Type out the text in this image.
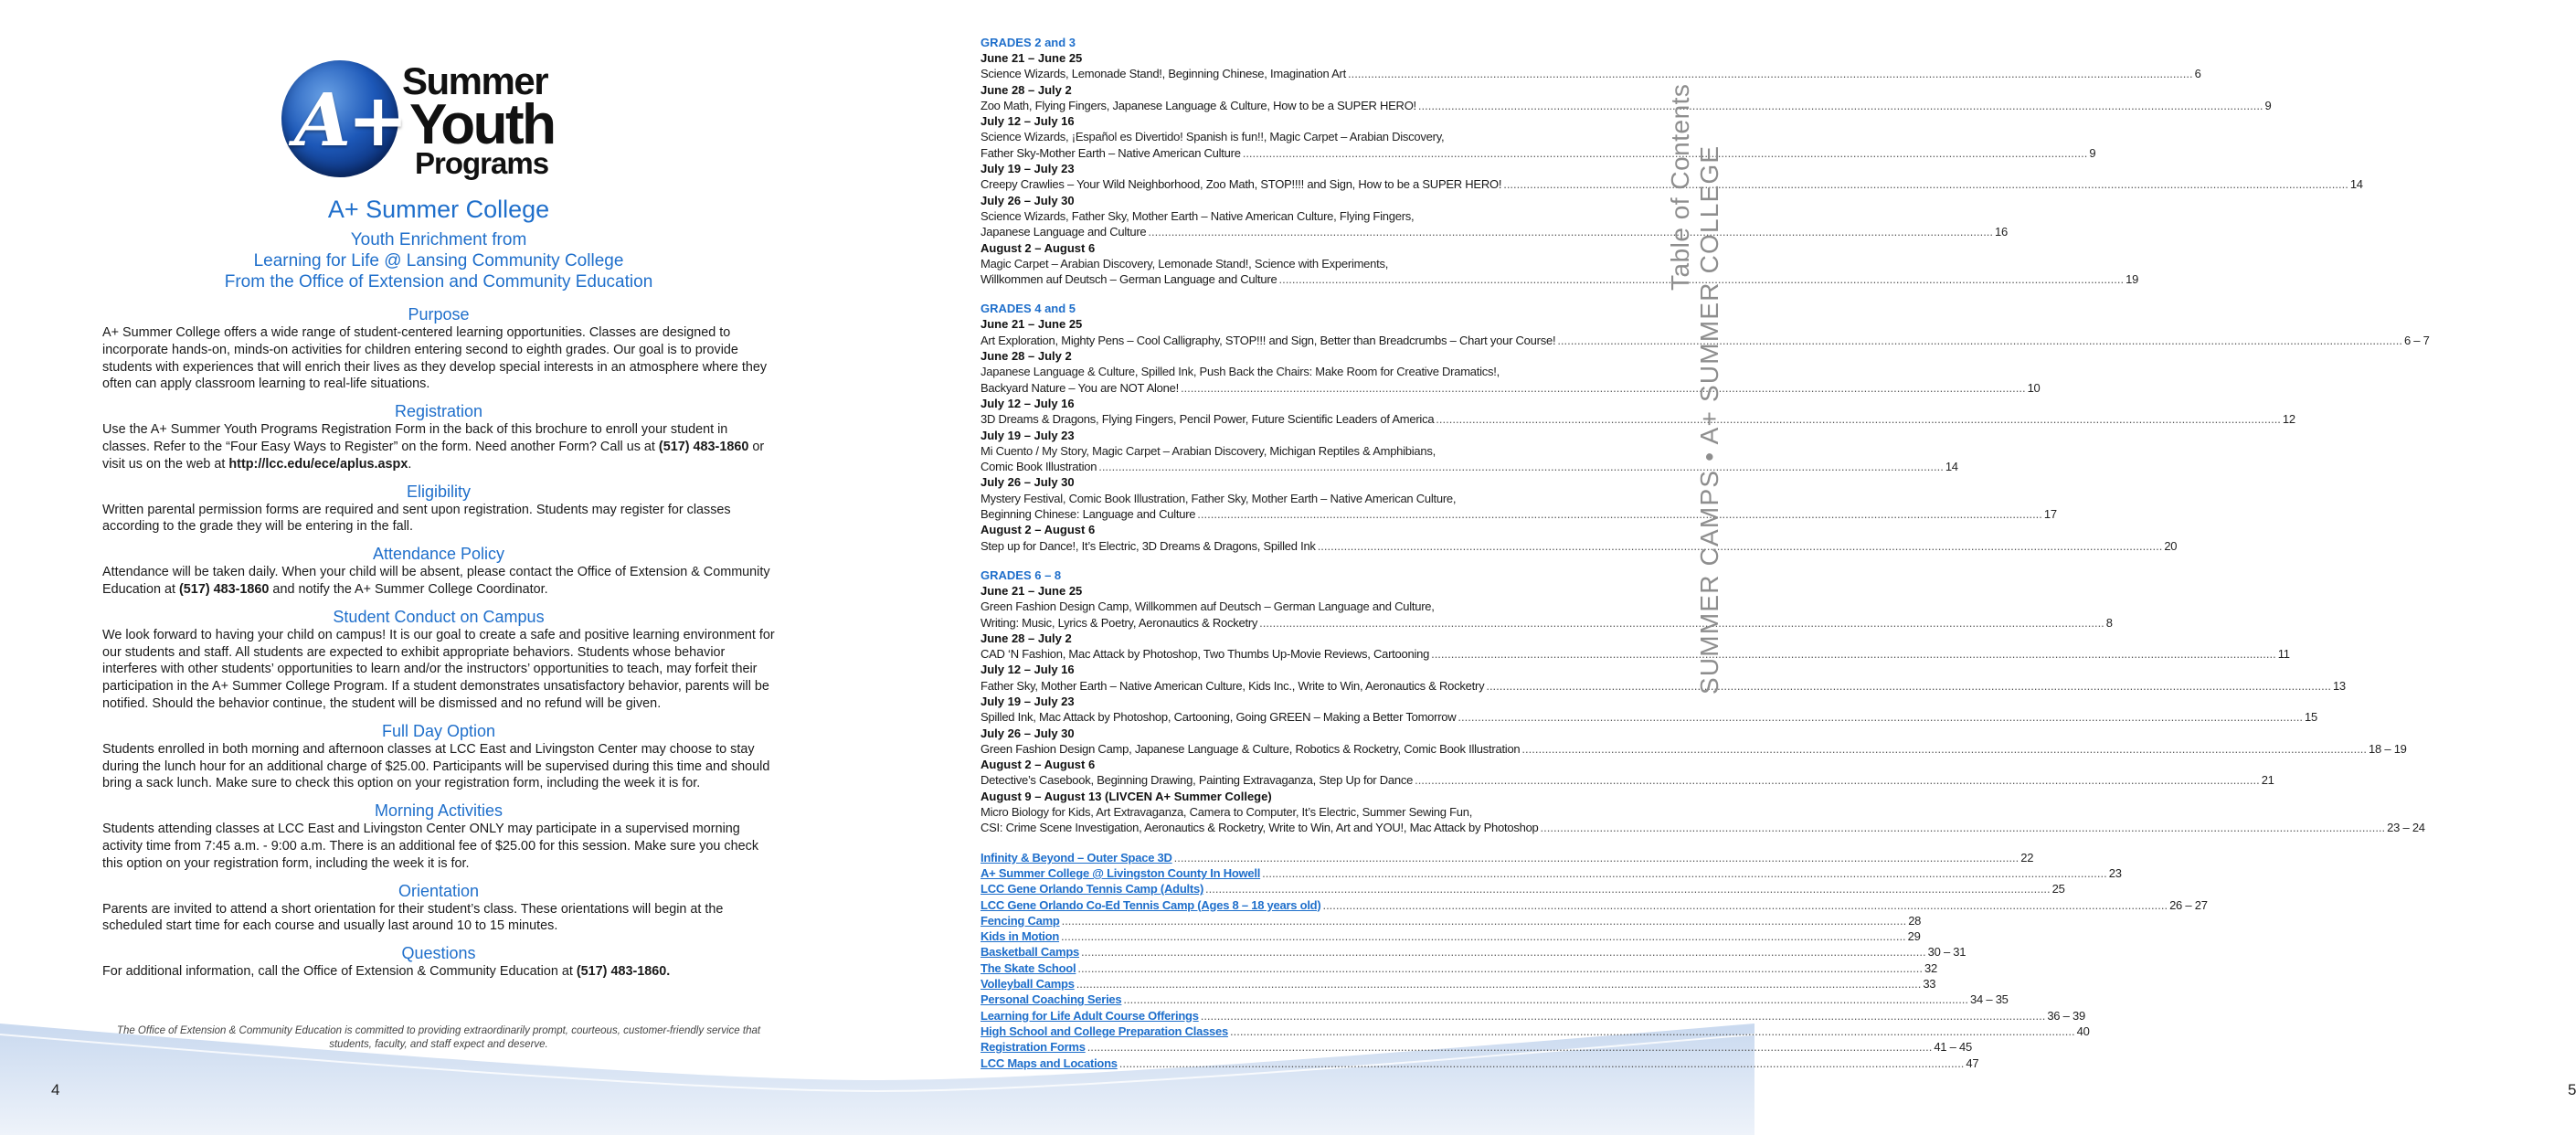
A+
Summer
Youth
Programs
A+ Summer College
Youth Enrichment from
Learning for Life @ Lansing Community College
From the Office of Extension and Community Education
Purpose

A+ Summer College offers a wide range of student-centered learning opportunities. Classes are designed to incorporate hands-on, minds-on activities for children entering second to eighth grades. Our goal is to provide students with experiences that will enrich their lives as they develop special interests in an atmosphere where they often can apply classroom learning to real-life situations.

Registration

Use the A+ Summer Youth Programs Registration Form in the back of this brochure to enroll your student in classes. Refer to the “Four Easy Ways to Register” on the form. Need another Form? Call us at (517) 483-1860 or visit us on the web at http://lcc.edu/ece/aplus.aspx.

Eligibility

Written parental permission forms are required and sent upon registration. Students may register for classes according to the grade they will be entering in the fall.

Attendance Policy

Attendance will be taken daily. When your child will be absent, please contact the Office of Extension & Community Education at (517) 483-1860 and notify the A+ Summer College Coordinator.

Student Conduct on Campus

We look forward to having your child on campus! It is our goal to create a safe and positive learning environment for our students and staff. All students are expected to exhibit appropriate behaviors. Students whose behavior interferes with other students’ opportunities to learn and/or the instructors’ opportunities to teach, may forfeit their participation in the A+ Summer College Program. If a student demonstrates unsatisfactory behavior, parents will be notified. Should the behavior continue, the student will be dismissed and no refund will be given.

Full Day Option

Students enrolled in both morning and afternoon classes at LCC East and Livingston Center may choose to stay during the lunch hour for an additional charge of $25.00. Participants will be supervised during this time and should bring a sack lunch. Make sure to check this option on your registration form, including the week it is for.

Morning Activities

Students attending classes at LCC East and Livingston Center ONLY may participate in a supervised morning activity time from 7:45 a.m. - 9:00 a.m. There is an additional fee of $25.00 for this session. Make sure you check this option on your registration form, including the week it is for.

Orientation

Parents are invited to attend a short orientation for their student’s class. These orientations will begin at the scheduled start time for each course and usually last around 10 to 15 minutes.

Questions

For additional information, call the Office of Extension & Community Education at (517) 483-1860.

The Office of Extension & Community Education is committed to providing extraordinarily prompt, courteous, customer-friendly service that students, faculty, and staff expect and deserve.
4
GRADES 2 and 3
June 21 – June 25
Science Wizards, Lemonade Stand!, Beginning Chinese, Imagination Art .....	6
June 28 – July 2
Zoo Math, Flying Fingers, Japanese Language & Culture, How to be a SUPER HERO! .....	9
July 12 – July 16
Science Wizards, ¡Español es Divertido! Spanish is fun!!, Magic Carpet – Arabian Discovery,
Father Sky-Mother Earth – Native American Culture .....	9
July 19 – July 23
Creepy Crawlies – Your Wild Neighborhood, Zoo Math, STOP!!!! and Sign, How to be a SUPER HERO! .....	14
July 26 – July 30
Science Wizards, Father Sky, Mother Earth – Native American Culture, Flying Fingers,
Japanese Language and Culture .....	16
August 2 – August 6
Magic Carpet – Arabian Discovery, Lemonade Stand!, Science with Experiments,
Willkommen auf Deutsch – German Language and Culture .....	19
GRADES 4 and 5
June 21 – June 25
Art Exploration, Mighty Pens – Cool Calligraphy, STOP!!! and Sign, Better than Breadcrumbs – Chart your Course! .....	6 – 7
June 28 – July 2
Japanese Language & Culture, Spilled Ink, Push Back the Chairs: Make Room for Creative Dramatics!,
Backyard Nature – You are NOT Alone! .....	10
July 12 – July 16
3D Dreams & Dragons, Flying Fingers, Pencil Power, Future Scientific Leaders of America .....	12
July 19 – July 23
Mi Cuento / My Story, Magic Carpet – Arabian Discovery, Michigan Reptiles & Amphibians,
Comic Book Illustration .....	14
July 26 – July 30
Mystery Festival, Comic Book Illustration, Father Sky, Mother Earth – Native American Culture,
Beginning Chinese: Language and Culture .....	17
August 2 – August 6
Step up for Dance!, It’s Electric, 3D Dreams & Dragons, Spilled Ink .....	20
GRADES 6 – 8
June 21 – June 25
Green Fashion Design Camp, Willkommen auf Deutsch – German Language and Culture,
Writing: Music, Lyrics & Poetry, Aeronautics & Rocketry .....	8
June 28 – July 2
CAD ‘N Fashion, Mac Attack by Photoshop, Two Thumbs Up-Movie Reviews, Cartooning .....	11
July 12 – July 16
Father Sky, Mother Earth – Native American Culture, Kids Inc., Write to Win, Aeronautics & Rocketry .....	13
July 19 – July 23
Spilled Ink, Mac Attack by Photoshop, Cartooning, Going GREEN – Making a Better Tomorrow .....	15
July 26 – July 30
Green Fashion Design Camp, Japanese Language & Culture, Robotics & Rocketry, Comic Book Illustration .....	18 – 19
August 2 – August 6
Detective’s Casebook, Beginning Drawing, Painting Extravaganza, Step Up for Dance .....	21
August 9 – August 13 (LIVCEN A+ Summer College)
Micro Biology for Kids, Art Extravaganza, Camera to Computer, It’s Electric, Summer Sewing Fun,
CSI: Crime Scene Investigation, Aeronautics & Rocketry, Write to Win, Art and YOU!, Mac Attack by Photoshop .....	23 – 24
Infinity & Beyond – Outer Space 3D .....	22
A+ Summer College @ Livingston County In Howell .....	23
LCC Gene Orlando Tennis Camp (Adults) .....	25
LCC Gene Orlando Co-Ed Tennis Camp (Ages 8 – 18 years old) .....	26 – 27
Fencing Camp .....	28
Kids in Motion .....	29
Basketball Camps .....	30 – 31
The Skate School .....	32
Volleyball Camps .....	33
Personal Coaching Series .....	34 – 35
Learning for Life Adult Course Offerings .....	36 – 39
High School and College Preparation Classes .....	40
Registration Forms .....	41 – 45
LCC Maps and Locations .....	47
Table of Contents SUMMER CAMPS • A+ SUMMER COLLEGE
5
